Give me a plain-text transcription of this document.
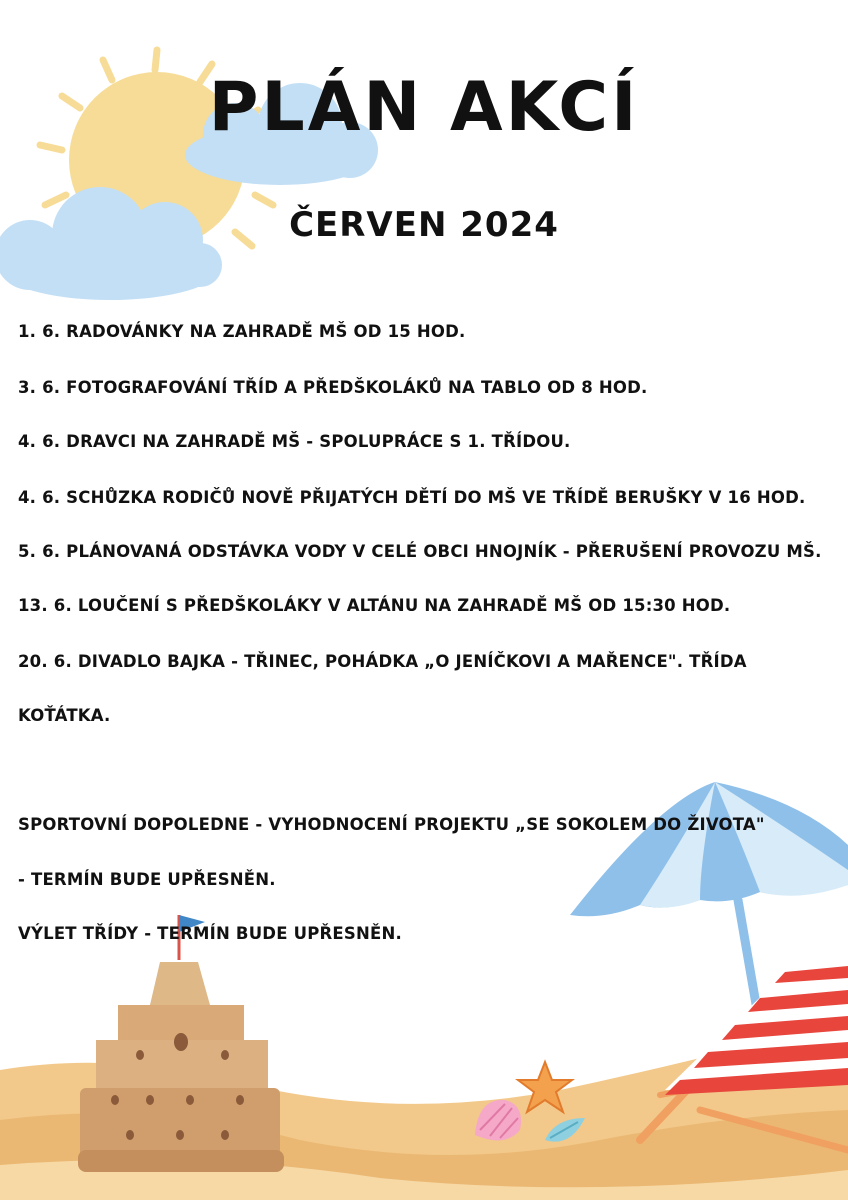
PLÁN AKCÍ
ČERVEN 2024

1. 6. RADOVÁNKY NA ZAHRADĚ MŠ OD 15 HOD.

3. 6. FOTOGRAFOVÁNÍ TŘÍD A PŘEDŠKOLÁKŮ NA TABLO OD 8 HOD.

4. 6. DRAVCI NA ZAHRADĚ MŠ - SPOLUPRÁCE S 1. TŘÍDOU.

4. 6. SCHŮZKA RODIČŮ NOVĚ PŘIJATÝCH DĚTÍ DO MŠ VE TŘÍDĚ BERUŠKY V 16 HOD.

5. 6. PLÁNOVANÁ ODSTÁVKA VODY V CELÉ OBCI HNOJNÍK - PŘERUŠENÍ PROVOZU MŠ.

13. 6. LOUČENÍ S PŘEDŠKOLÁKY V ALTÁNU NA ZAHRADĚ MŠ OD 15:30 HOD.

20. 6. DIVADLO BAJKA - TŘINEC, POHÁDKA „O JENÍČKOVI A MAŘENCE". TŘÍDA

KOŤÁTKA.

SPORTOVNÍ DOPOLEDNE - VYHODNOCENÍ PROJEKTU „SE SOKOLEM DO ŽIVOTA"

- TERMÍN BUDE UPŘESNĚN.

VÝLET TŘÍDY - TERMÍN BUDE UPŘESNĚN.
